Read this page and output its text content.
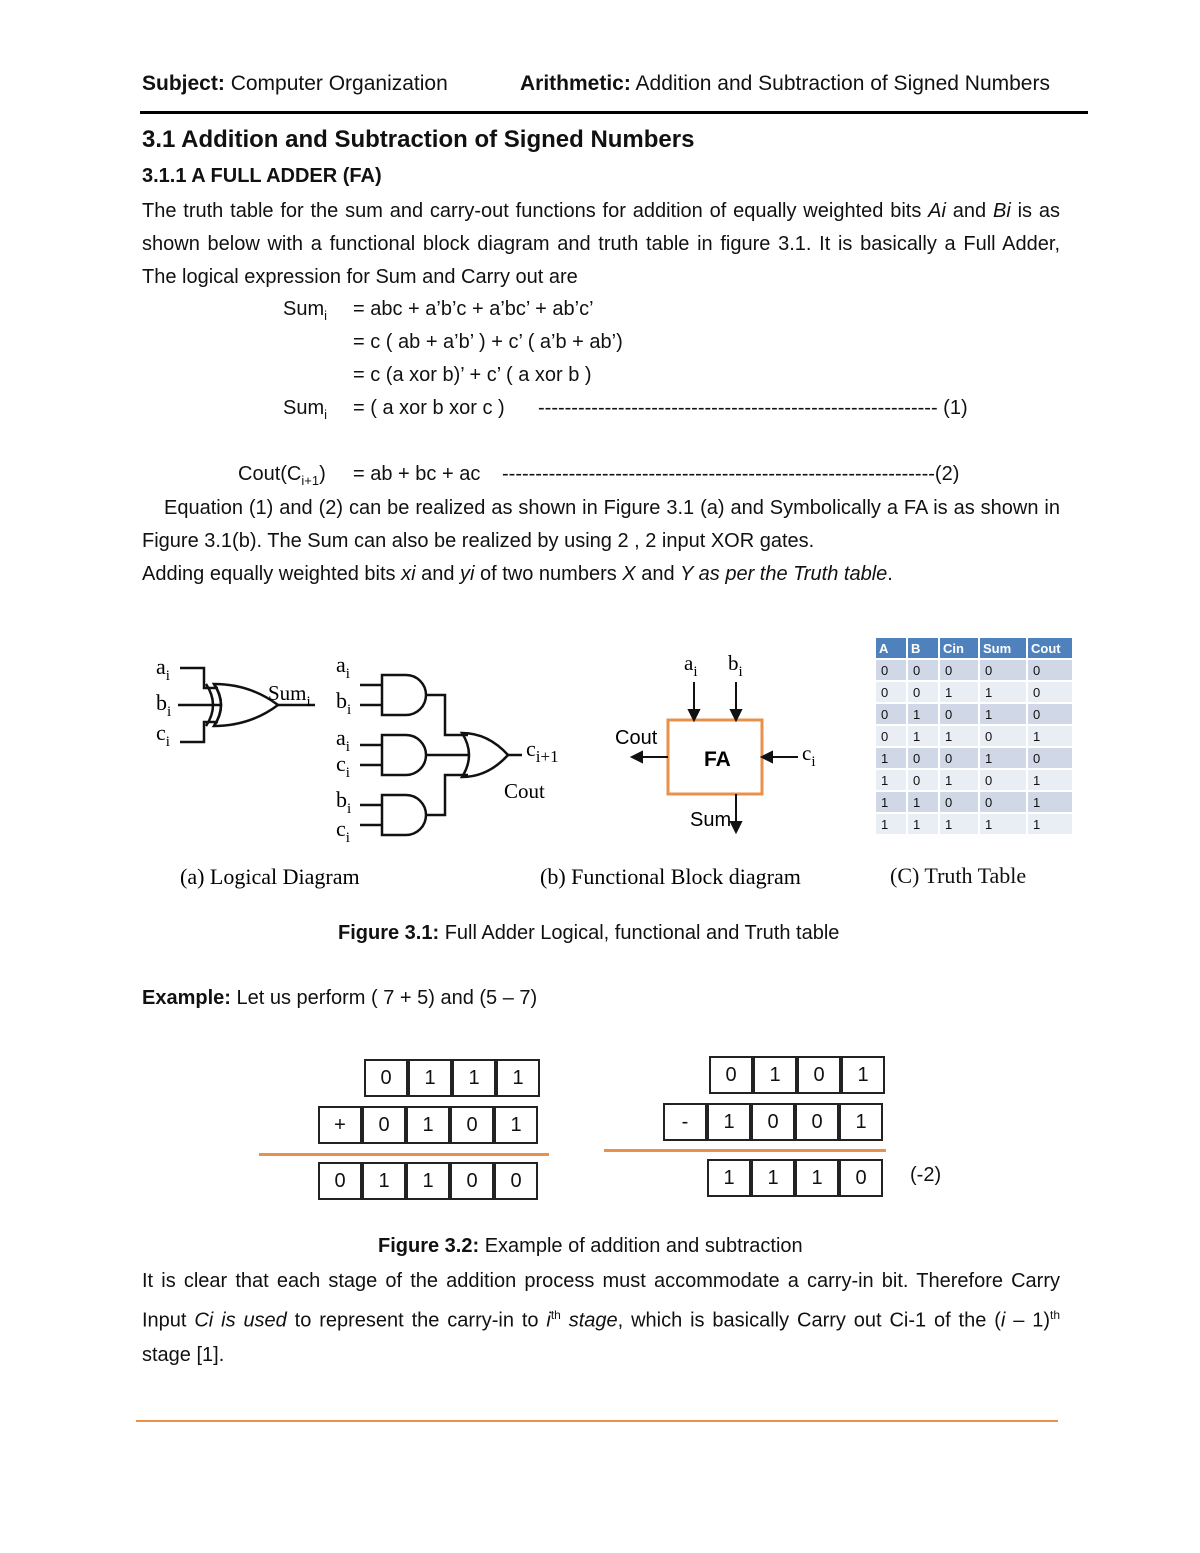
Subject: Computer Organization	Arithmetic: Addition and Subtraction of Signed Numbers
3.1 Addition and Subtraction of Signed Numbers
3.1.1 A FULL ADDER (FA)
The truth table for the sum and carry-out functions for addition of equally weighted bits Ai and Bi is as shown below with a functional block diagram and truth table in figure 3.1. It is basically a Full Adder, The logical expression for Sum and Carry out are
Sum$_i$ = abc + a’b’c + a’bc’ + ab’c’
= c ( ab + a’b’ ) + c’ ( a’b + ab’)
= c (a xor b)’ + c’ ( a xor b )
Sum$_i$ = ( a xor b xor c ) ------------------------------------------------------------ (1)
$Cout(C_{i+1})$ = ab + bc + ac -----------------------------------------------------------------(2)
Equation (1) and (2) can be realized as shown in Figure 3.1 (a) and Symbolically a FA is as shown in Figure 3.1(b). The Sum can also be realized by using 2 , 2 input XOR gates.
Adding equally weighted bits xi and yi of two numbers X and Y as per the Truth table.
$a_i$
$b_i$
$c_i$
Sum$_i$
$a_i$
$b_i$
$a_i$
$c_i$
$b_i$
$c_i$
$c_{i+1}$
Cout
(a) Logical Diagram
FA
$a_i$ $b_i$
$c_i$
Cout
Sum
(b) Functional Block diagram
A	B	Cin	Sum	Cout
0	0	0	0	0
0	0	1	1	0
0	1	0	1	0
0	1	1	0	1
1	0	0	1	0
1	0	1	0	1
1	1	0	0	1
1	1	1	1	1
(C) Truth Table
Figure 3.1: Full Adder Logical, functional and Truth table
Example: Let us perform ( 7 + 5) and (5 – 7)
0	1	1	1
+	0	1	0	1
0	1	1	0	0
0	1	0	1
-	1	0	0	1
1	1	1	0	(-2)
Figure 3.2: Example of addition and subtraction
It is clear that each stage of the addition process must accommodate a carry-in bit. Therefore Carry Input Ci is used to represent the carry-in to $i^{th}$ stage, which is basically Carry out Ci-1 of the (i – 1)$^{th}$ stage [1].
